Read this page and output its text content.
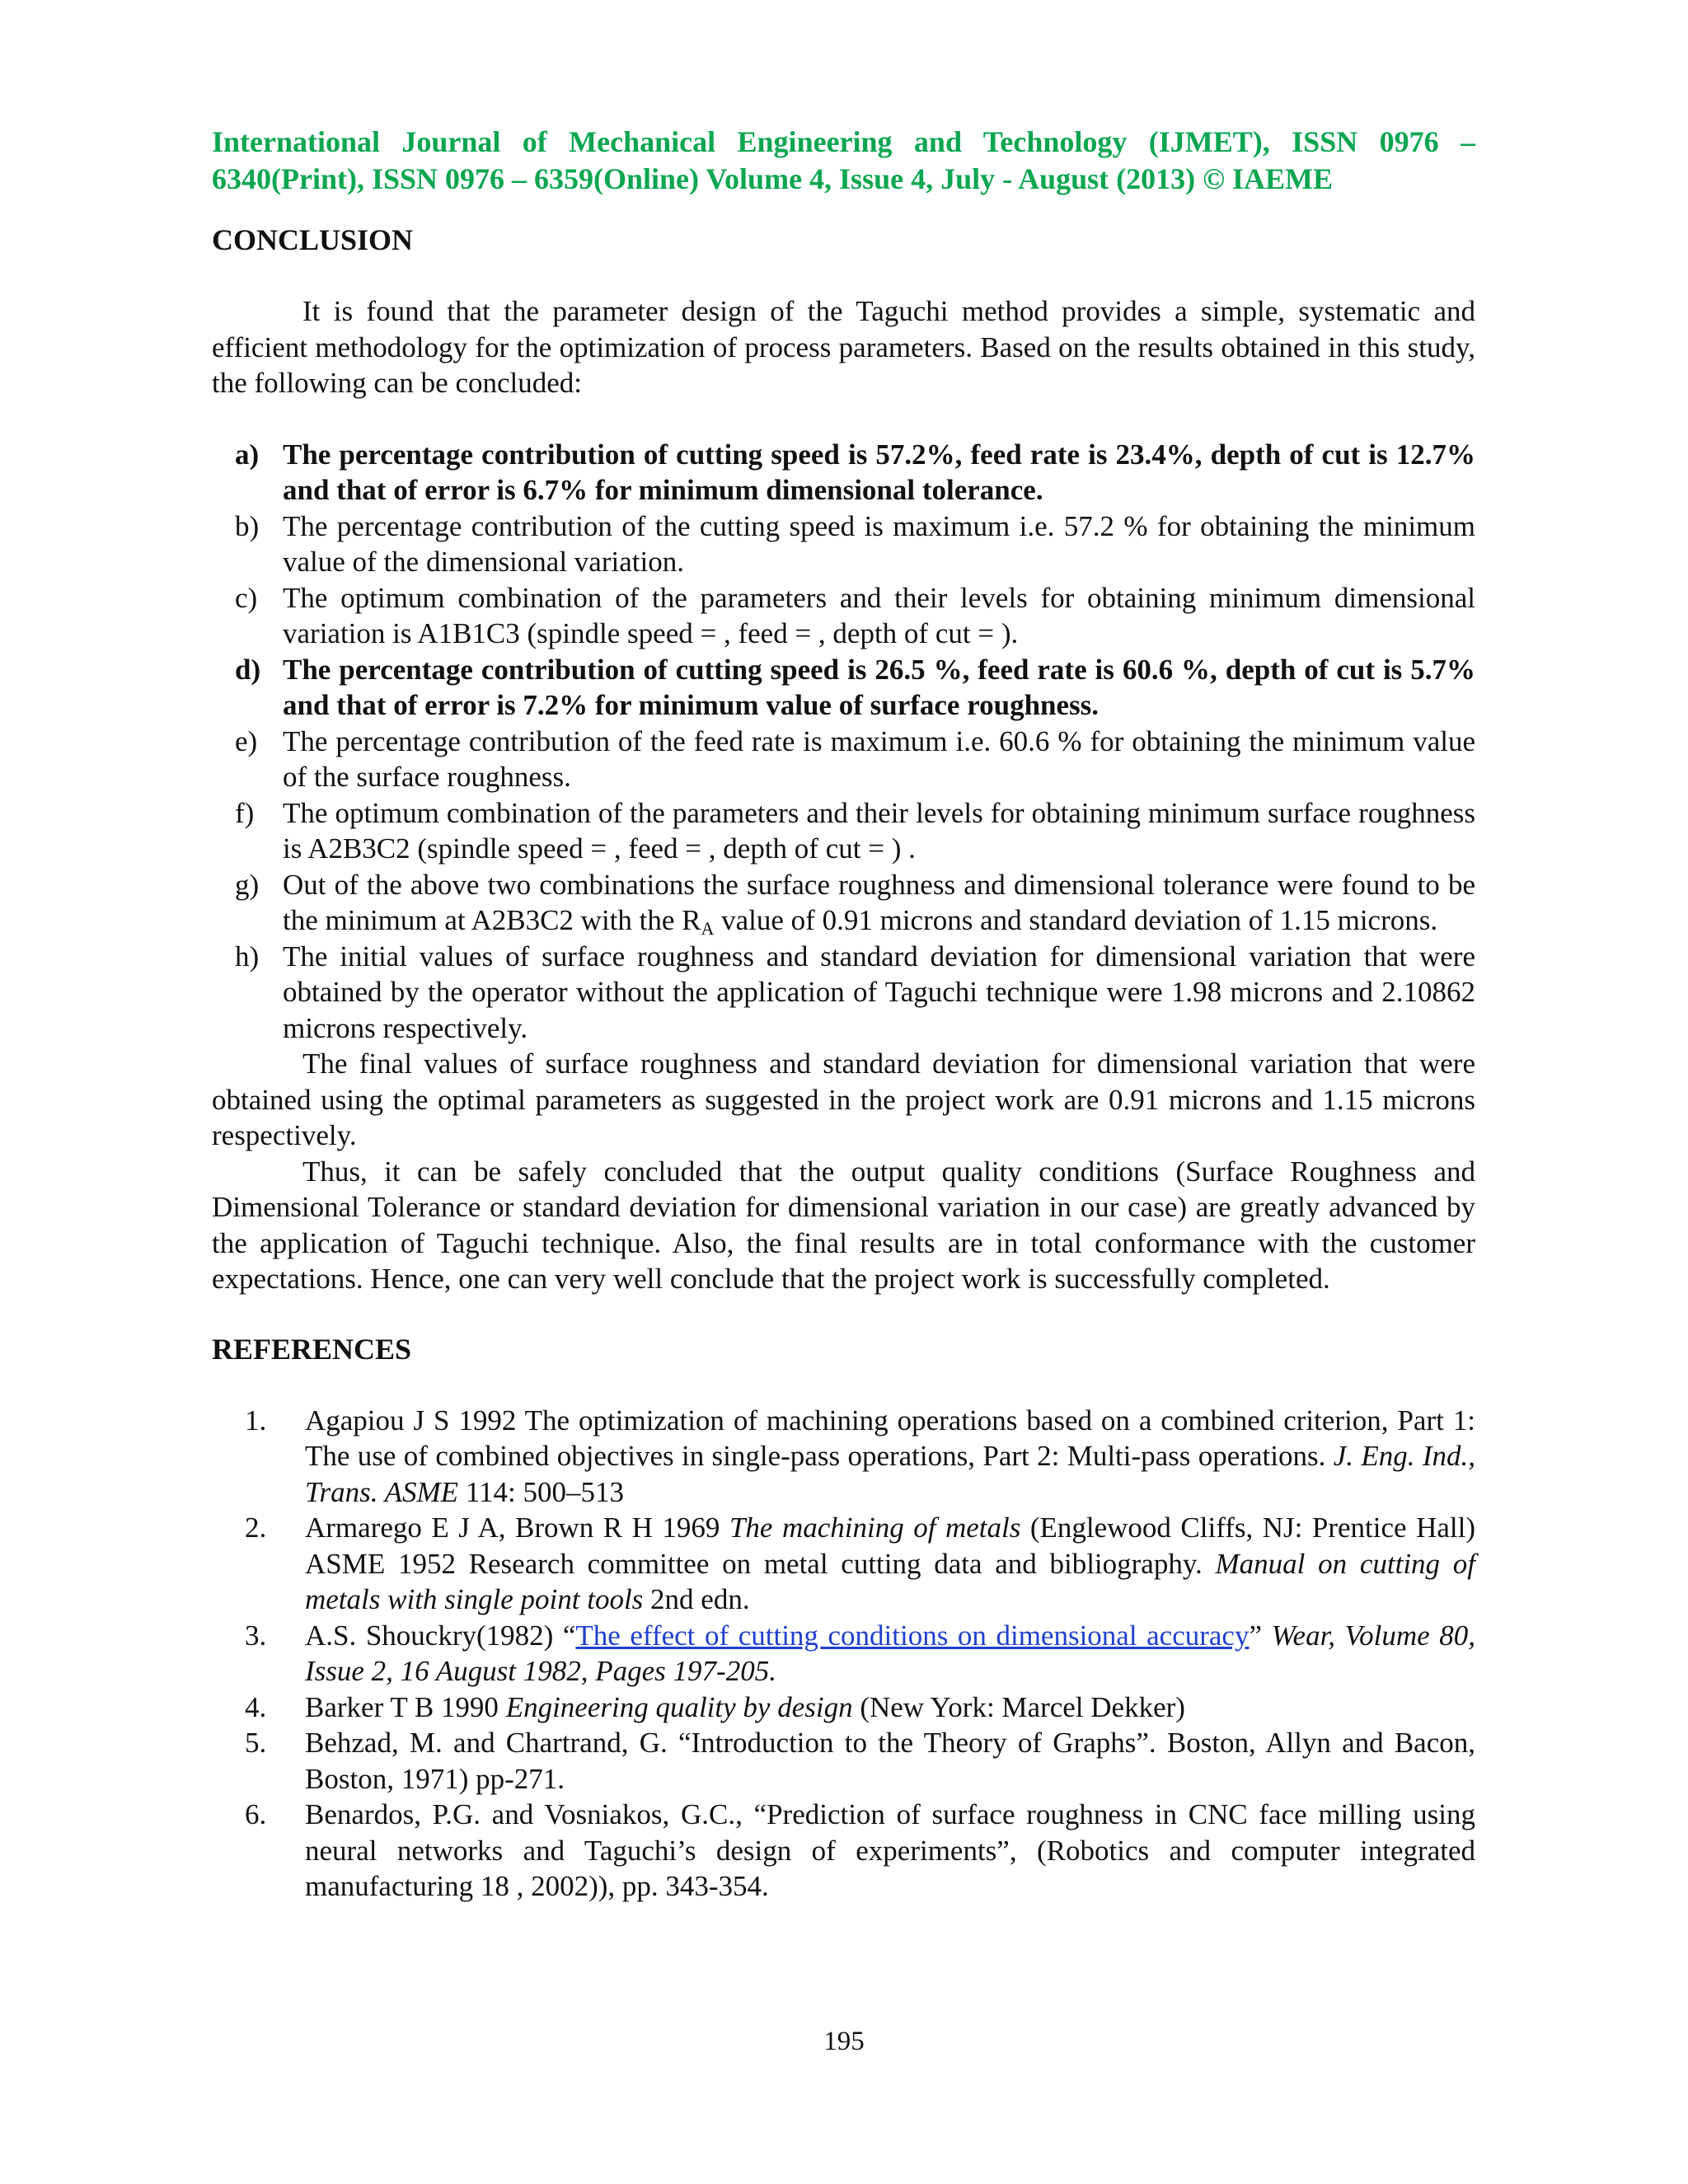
International Journal of Mechanical Engineering and Technology (IJMET), ISSN 0976 – 6340(Print), ISSN 0976 – 6359(Online) Volume 4, Issue 4, July - August (2013) © IAEME
CONCLUSION

It is found that the parameter design of the Taguchi method provides a simple, systematic and efficient methodology for the optimization of process parameters. Based on the results obtained in this study, the following can be concluded:

a) The percentage contribution of cutting speed is 57.2%, feed rate is 23.4%, depth of cut is 12.7% and that of error is 6.7% for minimum dimensional tolerance.
b) The percentage contribution of the cutting speed is maximum i.e. 57.2 % for obtaining the minimum value of the dimensional variation.
c) The optimum combination of the parameters and their levels for obtaining minimum dimensional variation is A1B1C3 (spindle speed = , feed = , depth of cut = ).
d) The percentage contribution of cutting speed is 26.5 %, feed rate is 60.6 %, depth of cut is 5.7% and that of error is 7.2% for minimum value of surface roughness.
e) The percentage contribution of the feed rate is maximum i.e. 60.6 % for obtaining the minimum value of the surface roughness.
f) The optimum combination of the parameters and their levels for obtaining minimum surface roughness is A2B3C2 (spindle speed = , feed = , depth of cut = ) .
g) Out of the above two combinations the surface roughness and dimensional tolerance were found to be the minimum at A2B3C2 with the $R_A$ value of 0.91 microns and standard deviation of 1.15 microns.
h) The initial values of surface roughness and standard deviation for dimensional variation that were obtained by the operator without the application of Taguchi technique were 1.98 microns and 2.10862 microns respectively.

The final values of surface roughness and standard deviation for dimensional variation that were obtained using the optimal parameters as suggested in the project work are 0.91 microns and 1.15 microns respectively.

Thus, it can be safely concluded that the output quality conditions (Surface Roughness and Dimensional Tolerance or standard deviation for dimensional variation in our case) are greatly advanced by the application of Taguchi technique. Also, the final results are in total conformance with the customer expectations. Hence, one can very well conclude that the project work is successfully completed.

REFERENCES
1. Agapiou J S 1992 The optimization of machining operations based on a combined criterion, Part 1: The use of combined objectives in single-pass operations, Part 2: Multi-pass operations. J. Eng. Ind., Trans. ASME 114: 500–513
2. Armarego E J A, Brown R H 1969 The machining of metals (Englewood Cliffs, NJ: Prentice Hall) ASME 1952 Research committee on metal cutting data and bibliography. Manual on cutting of metals with single point tools 2nd edn.
3. A.S. Shouckry(1982) “The effect of cutting conditions on dimensional accuracy” Wear, Volume 80, Issue 2, 16 August 1982, Pages 197-205.
4. Barker T B 1990 Engineering quality by design (New York: Marcel Dekker)
5. Behzad, M. and Chartrand, G. “Introduction to the Theory of Graphs”. Boston, Allyn and Bacon, Boston, 1971) pp-271.
6. Benardos, P.G. and Vosniakos, G.C., “Prediction of surface roughness in CNC face milling using neural networks and Taguchi’s design of experiments”, (Robotics and computer integrated manufacturing 18 , 2002)), pp. 343-354.
195
